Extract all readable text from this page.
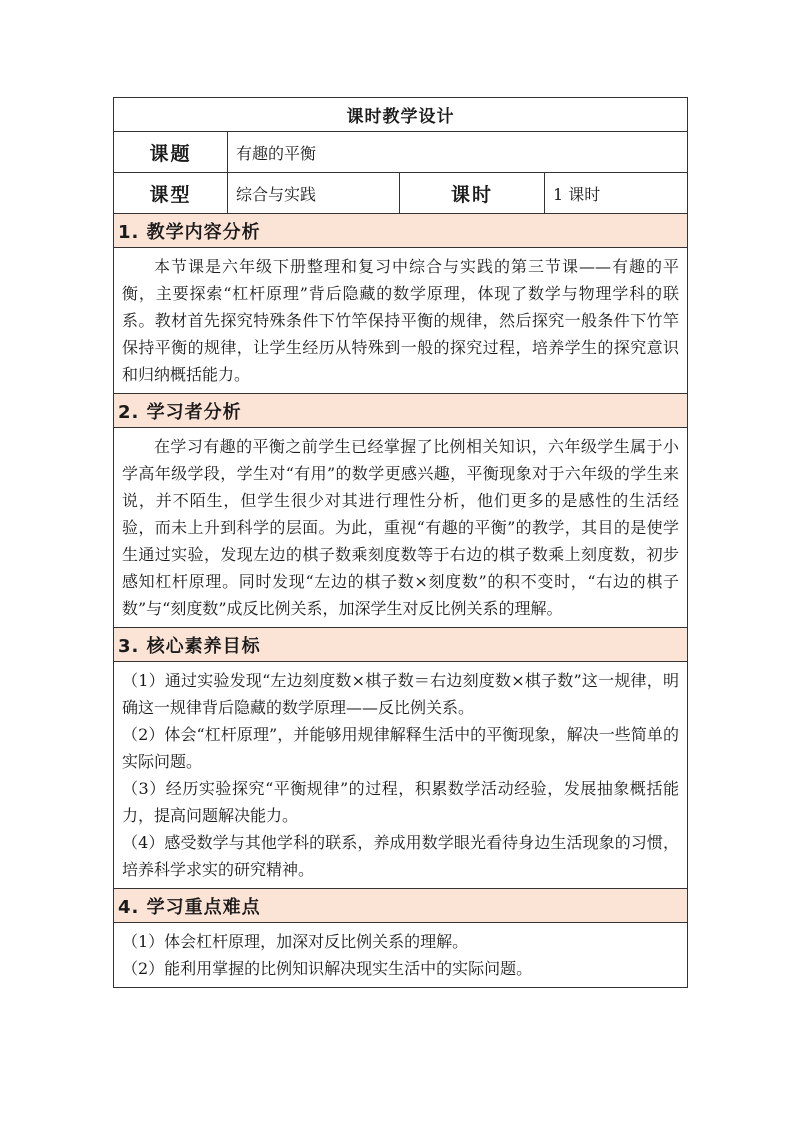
课时教学设计			
课题	有趣的平衡		
课型	综合与实践	课时	1 课时
1. 教学内容分析			

本节课是六年级下册整理和复习中综合与实践的第三节课——有趣的平衡，主要探索“杠杆原理”背后隐藏的数学原理，体现了数学与物理学科的联系。教材首先探究特殊条件下竹竿保持平衡的规律，然后探究一般条件下竹竿保持平衡的规律，让学生经历从特殊到一般的探究过程，培养学生的探究意识和归纳概括能力。			

2. 学习者分析			

在学习有趣的平衡之前学生已经掌握了比例相关知识，六年级学生属于小学高年级学段，学生对“有用”的数学更感兴趣，平衡现象对于六年级的学生来说，并不陌生，但学生很少对其进行理性分析，他们更多的是感性的生活经验，而未上升到科学的层面。为此，重视“有趣的平衡”的教学，其目的是使学生通过实验，发现左边的棋子数乘刻度数等于右边的棋子数乘上刻度数，初步感知杠杆原理。同时发现“左边的棋子数×刻度数”的积不变时，“右边的棋子数”与“刻度数”成反比例关系，加深学生对反比例关系的理解。			

3. 核心素养目标			

（1）通过实验发现“左边刻度数×棋子数＝右边刻度数×棋子数”这一规律，明确这一规律背后隐藏的数学原理——反比例关系。

（2）体会“杠杆原理”，并能够用规律解释生活中的平衡现象，解决一些简单的实际问题。

（3）经历实验探究“平衡规律”的过程，积累数学活动经验，发展抽象概括能力，提高问题解决能力。

（4）感受数学与其他学科的联系，养成用数学眼光看待身边生活现象的习惯，培养科学求实的研究精神。			

4. 学习重点难点			

（1）体会杠杆原理，加深对反比例关系的理解。

（2）能利用掌握的比例知识解决现实生活中的实际问题。			
